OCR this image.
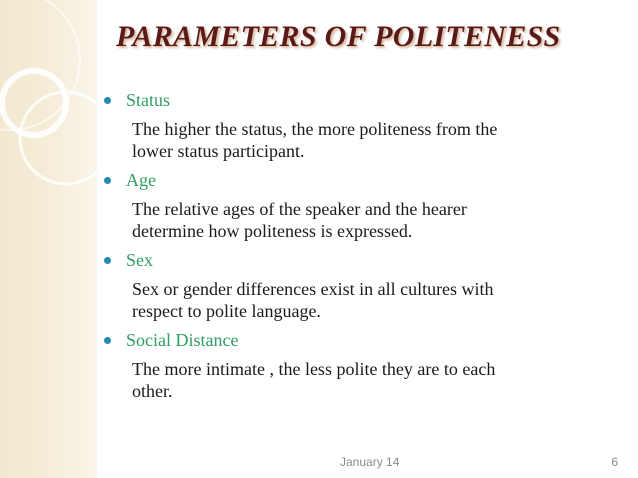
PARAMETERS OF POLITENESS
Status
The higher the status, the more politeness from the
lower status participant.
Age
The relative ages of the speaker and the hearer
determine how politeness is expressed.
Sex
Sex or gender differences exist in all cultures with
respect to polite language.
Social Distance
The more intimate , the less polite they are to each
other.
January 14	6
